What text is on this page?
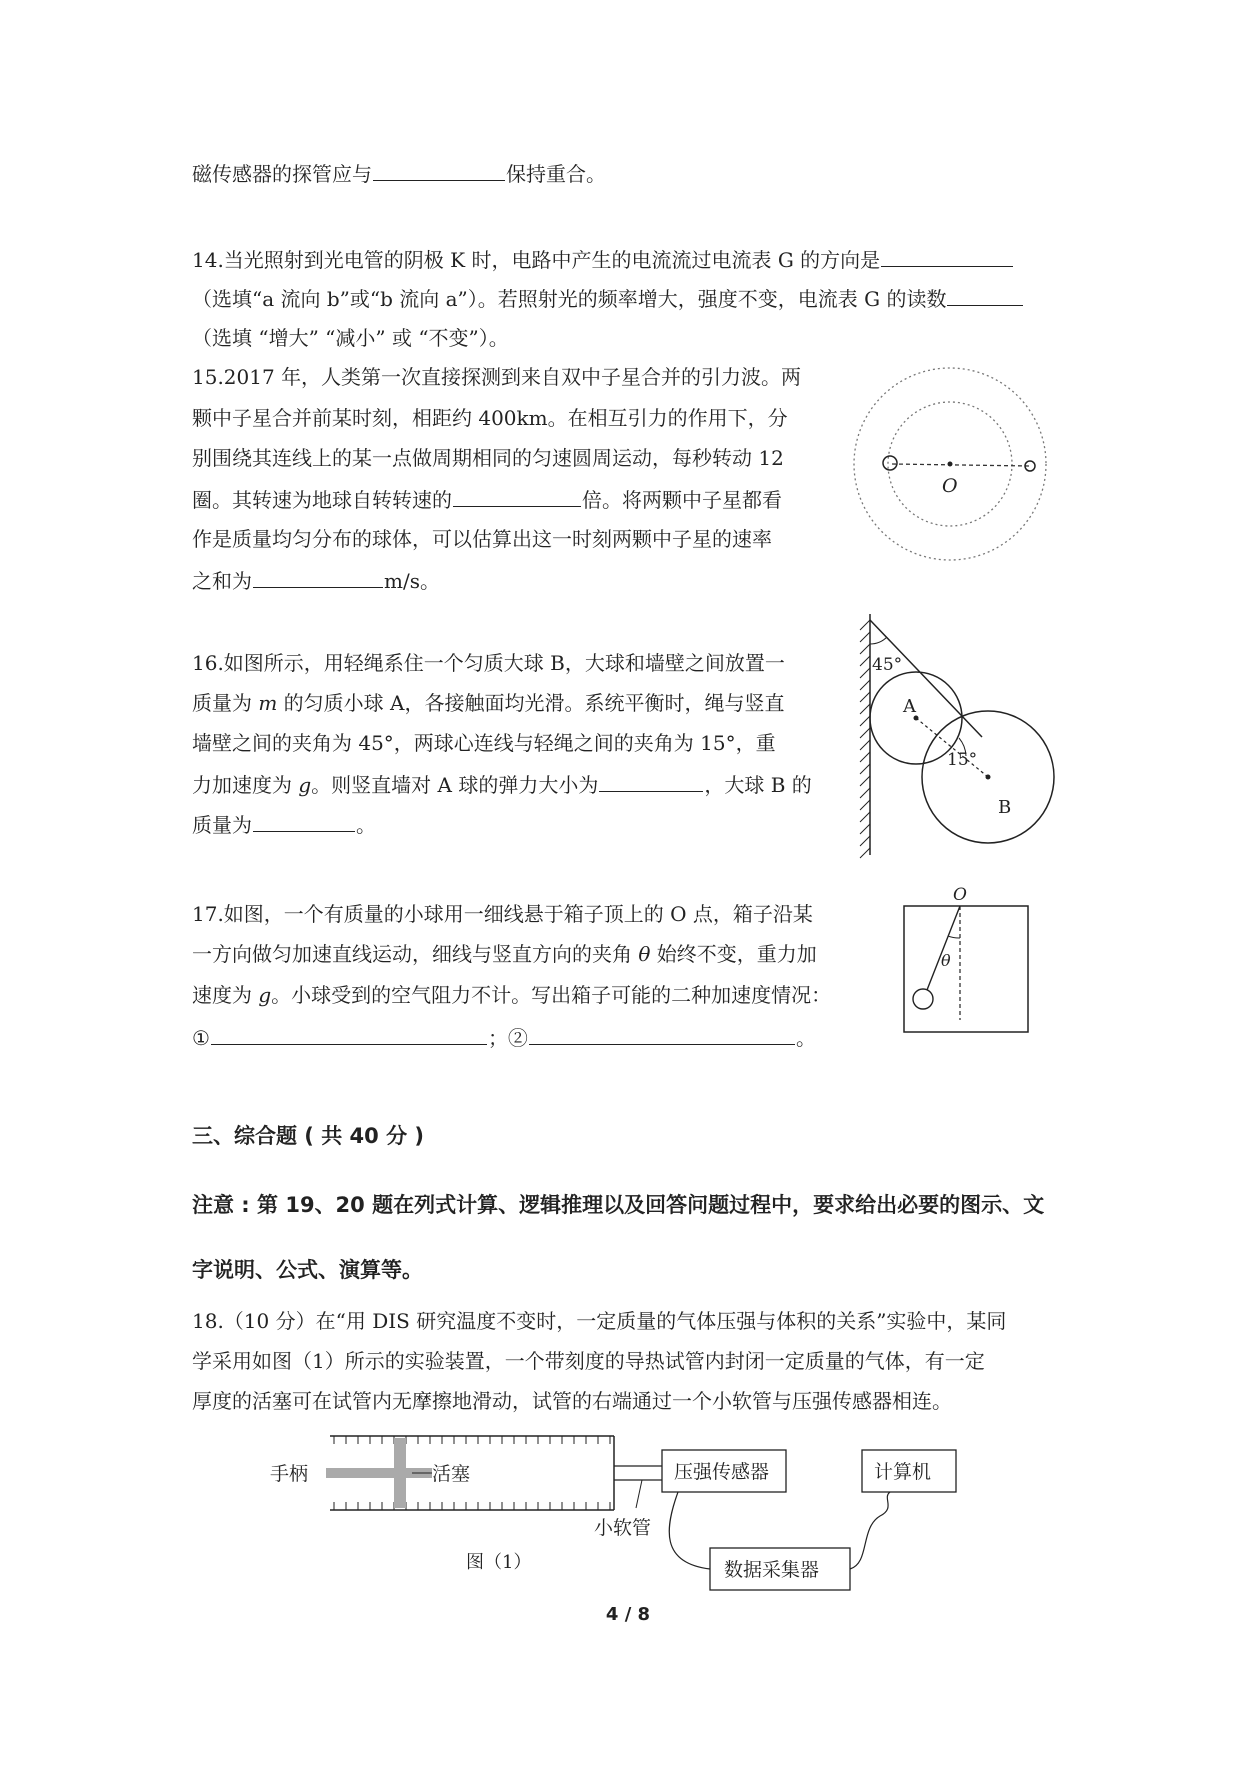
磁传感器的探管应与	保持重合。
14.当光照射到光电管的阴极 K 时，电路中产生的电流流过电流表 G 的方向是
（选填“a 流向 b”或“b 流向 a”）。若照射光的频率增大，强度不变，电流表 G 的读数
（选填 “增大” “减小” 或 “不变”）。
15.2017 年，人类第一次直接探测到来自双中子星合并的引力波。两
颗中子星合并前某时刻，相距约 400km。在相互引力的作用下，分
别围绕其连线上的某一点做周期相同的匀速圆周运动，每秒转动 12
圈。其转速为地球自转转速的	倍。将两颗中子星都看
作是质量均匀分布的球体，可以估算出这一时刻两颗中子星的速率
之和为	m/s。
O
16.如图所示，用轻绳系住一个匀质大球 B，大球和墙壁之间放置一
质量为 m 的匀质小球 A，各接触面均光滑。系统平衡时，绳与竖直
墙壁之间的夹角为 45°，两球心连线与轻绳之间的夹角为 15°，重
力加速度为 g。则竖直墙对 A 球的弹力大小为	，大球 B 的
质量为	。
45°
15°
A
B
17.如图，一个有质量的小球用一细线悬于箱子顶上的 O 点，箱子沿某
一方向做匀加速直线运动，细线与竖直方向的夹角 θ 始终不变，重力加
速度为 g。小球受到的空气阻力不计。写出箱子可能的二种加速度情况：
①	；②	。
O
θ
三、综合题 ( 共 40 分 )
注意 : 第 19、20 题在列式计算、逻辑推理以及回答问题过程中，要求给出必要的图示、文
字说明、公式、演算等。
18.（10 分）在“用 DIS 研究温度不变时，一定质量的气体压强与体积的关系”实验中，某同
学采用如图（1）所示的实验装置，一个带刻度的导热试管内封闭一定质量的气体，有一定
厚度的活塞可在试管内无摩擦地滑动，试管的右端通过一个小软管与压强传感器相连。
手柄	活塞	压强传感器	计算机
小软管
数据采集器
图（1）
4 / 8
